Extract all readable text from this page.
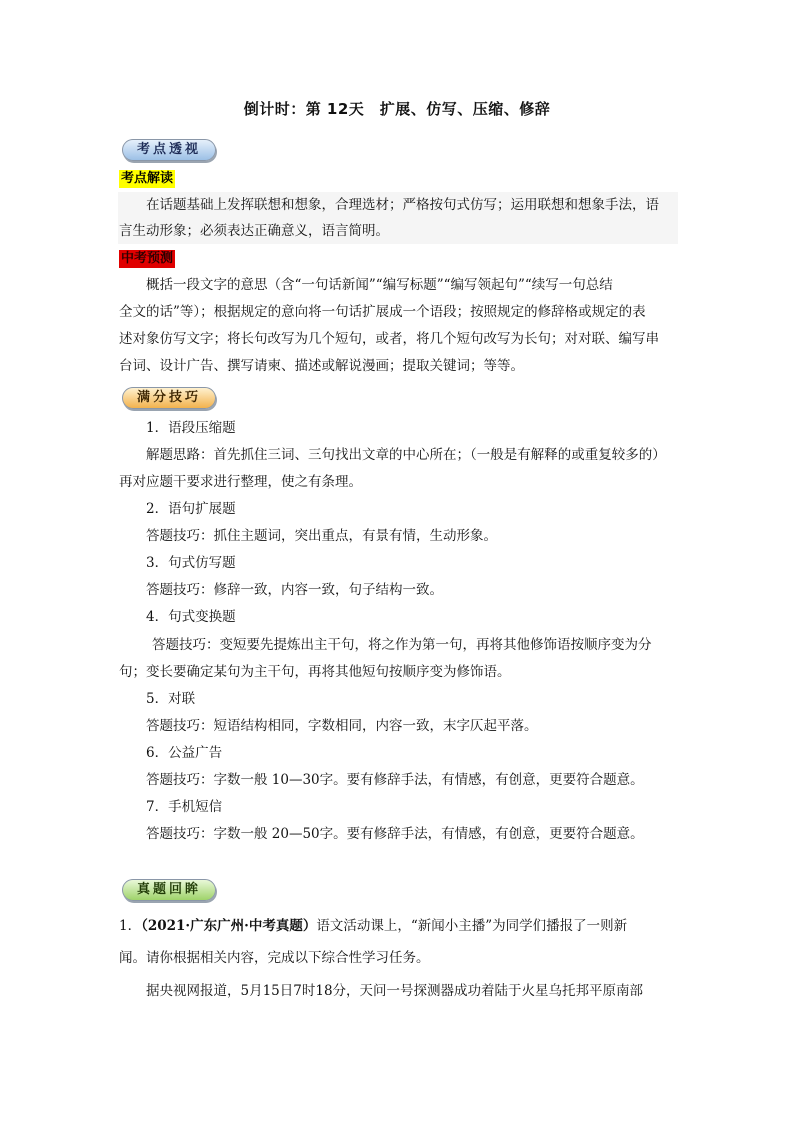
倒计时：第 12天　扩展、仿写、压缩、修辞
考点透视
考点解读
在话题基础上发挥联想和想象，合理选材；严格按句式仿写；运用联想和想象手法，语
言生动形象；必须表达正确意义，语言简明。
中考预测
概括一段文字的意思（含“一句话新闻”“编写标题”“编写领起句”“续写一句总结
全文的话”等）；根据规定的意向将一句话扩展成一个语段；按照规定的修辞格或规定的表
述对象仿写文字；将长句改写为几个短句，或者，将几个短句改写为长句；对对联、编写串
台词、设计广告、撰写请柬、描述或解说漫画；提取关键词；等等。
满分技巧
1．语段压缩题
解题思路：首先抓住三词、三句找出文章的中心所在；（一般是有解释的或重复较多的）
再对应题干要求进行整理，使之有条理。
2．语句扩展题
答题技巧：抓住主题词，突出重点，有景有情，生动形象。
3．句式仿写题
答题技巧：修辞一致，内容一致，句子结构一致。
4．句式变换题
答题技巧：变短要先提炼出主干句，将之作为第一句，再将其他修饰语按顺序变为分
句；变长要确定某句为主干句，再将其他短句按顺序变为修饰语。
5．对联
答题技巧：短语结构相同，字数相同，内容一致，末字仄起平落。
6．公益广告
答题技巧：字数一般 10—30字。要有修辞手法，有情感，有创意，更要符合题意。
7．手机短信
答题技巧：字数一般 20—50字。要有修辞手法，有情感，有创意，更要符合题意。
真题回眸
1．（2021·广东广州·中考真题）语文活动课上，“新闻小主播”为同学们播报了一则新
闻。请你根据相关内容，完成以下综合性学习任务。
据央视网报道，5月15日7时18分，天问一号探测器成功着陆于火星乌托邦平原南部
